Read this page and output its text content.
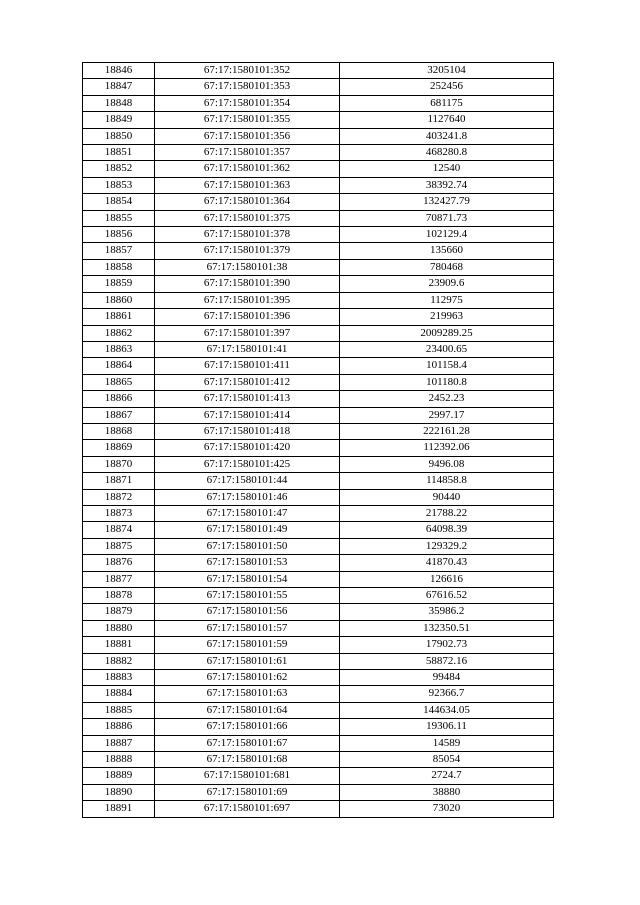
18846	67:17:1580101:352	3205104
18847	67:17:1580101:353	252456
18848	67:17:1580101:354	681175
18849	67:17:1580101:355	1127640
18850	67:17:1580101:356	403241.8
18851	67:17:1580101:357	468280.8
18852	67:17:1580101:362	12540
18853	67:17:1580101:363	38392.74
18854	67:17:1580101:364	132427.79
18855	67:17:1580101:375	70871.73
18856	67:17:1580101:378	102129.4
18857	67:17:1580101:379	135660
18858	67:17:1580101:38	780468
18859	67:17:1580101:390	23909.6
18860	67:17:1580101:395	112975
18861	67:17:1580101:396	219963
18862	67:17:1580101:397	2009289.25
18863	67:17:1580101:41	23400.65
18864	67:17:1580101:411	101158.4
18865	67:17:1580101:412	101180.8
18866	67:17:1580101:413	2452.23
18867	67:17:1580101:414	2997.17
18868	67:17:1580101:418	222161.28
18869	67:17:1580101:420	112392.06
18870	67:17:1580101:425	9496.08
18871	67:17:1580101:44	114858.8
18872	67:17:1580101:46	90440
18873	67:17:1580101:47	21788.22
18874	67:17:1580101:49	64098.39
18875	67:17:1580101:50	129329.2
18876	67:17:1580101:53	41870.43
18877	67:17:1580101:54	126616
18878	67:17:1580101:55	67616.52
18879	67:17:1580101:56	35986.2
18880	67:17:1580101:57	132350.51
18881	67:17:1580101:59	17902.73
18882	67:17:1580101:61	58872.16
18883	67:17:1580101:62	99484
18884	67:17:1580101:63	92366.7
18885	67:17:1580101:64	144634.05
18886	67:17:1580101:66	19306.11
18887	67:17:1580101:67	14589
18888	67:17:1580101:68	85054
18889	67:17:1580101:681	2724.7
18890	67:17:1580101:69	38880
18891	67:17:1580101:697	73020
